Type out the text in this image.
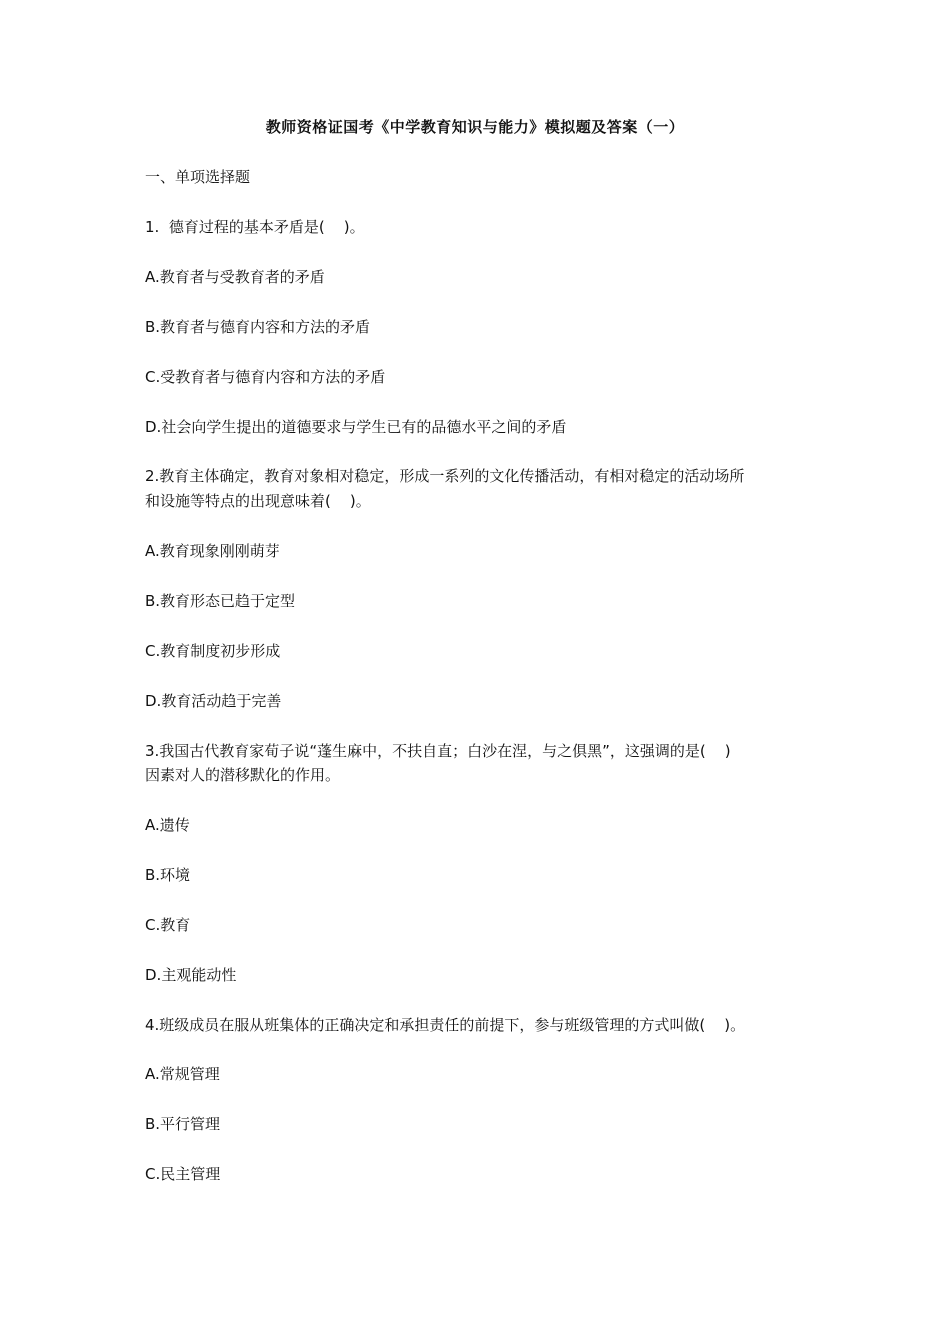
教师资格证国考《中学教育知识与能力》模拟题及答案（一）
一、单项选择题
1.  德育过程的基本矛盾是(    )。
A.教育者与受教育者的矛盾
B.教育者与德育内容和方法的矛盾
C.受教育者与德育内容和方法的矛盾
D.社会向学生提出的道德要求与学生已有的品德水平之间的矛盾
2.教育主体确定，教育对象相对稳定，形成一系列的文化传播活动，有相对稳定的活动场所
和设施等特点的出现意味着(    )。
A.教育现象刚刚萌芽
B.教育形态已趋于定型
C.教育制度初步形成
D.教育活动趋于完善
3.我国古代教育家荀子说“蓬生麻中，不扶自直；白沙在涅，与之俱黑”，这强调的是(    )
因素对人的潜移默化的作用。
A.遗传
B.环境
C.教育
D.主观能动性
4.班级成员在服从班集体的正确决定和承担责任的前提下，参与班级管理的方式叫做(    )。
A.常规管理
B.平行管理
C.民主管理
